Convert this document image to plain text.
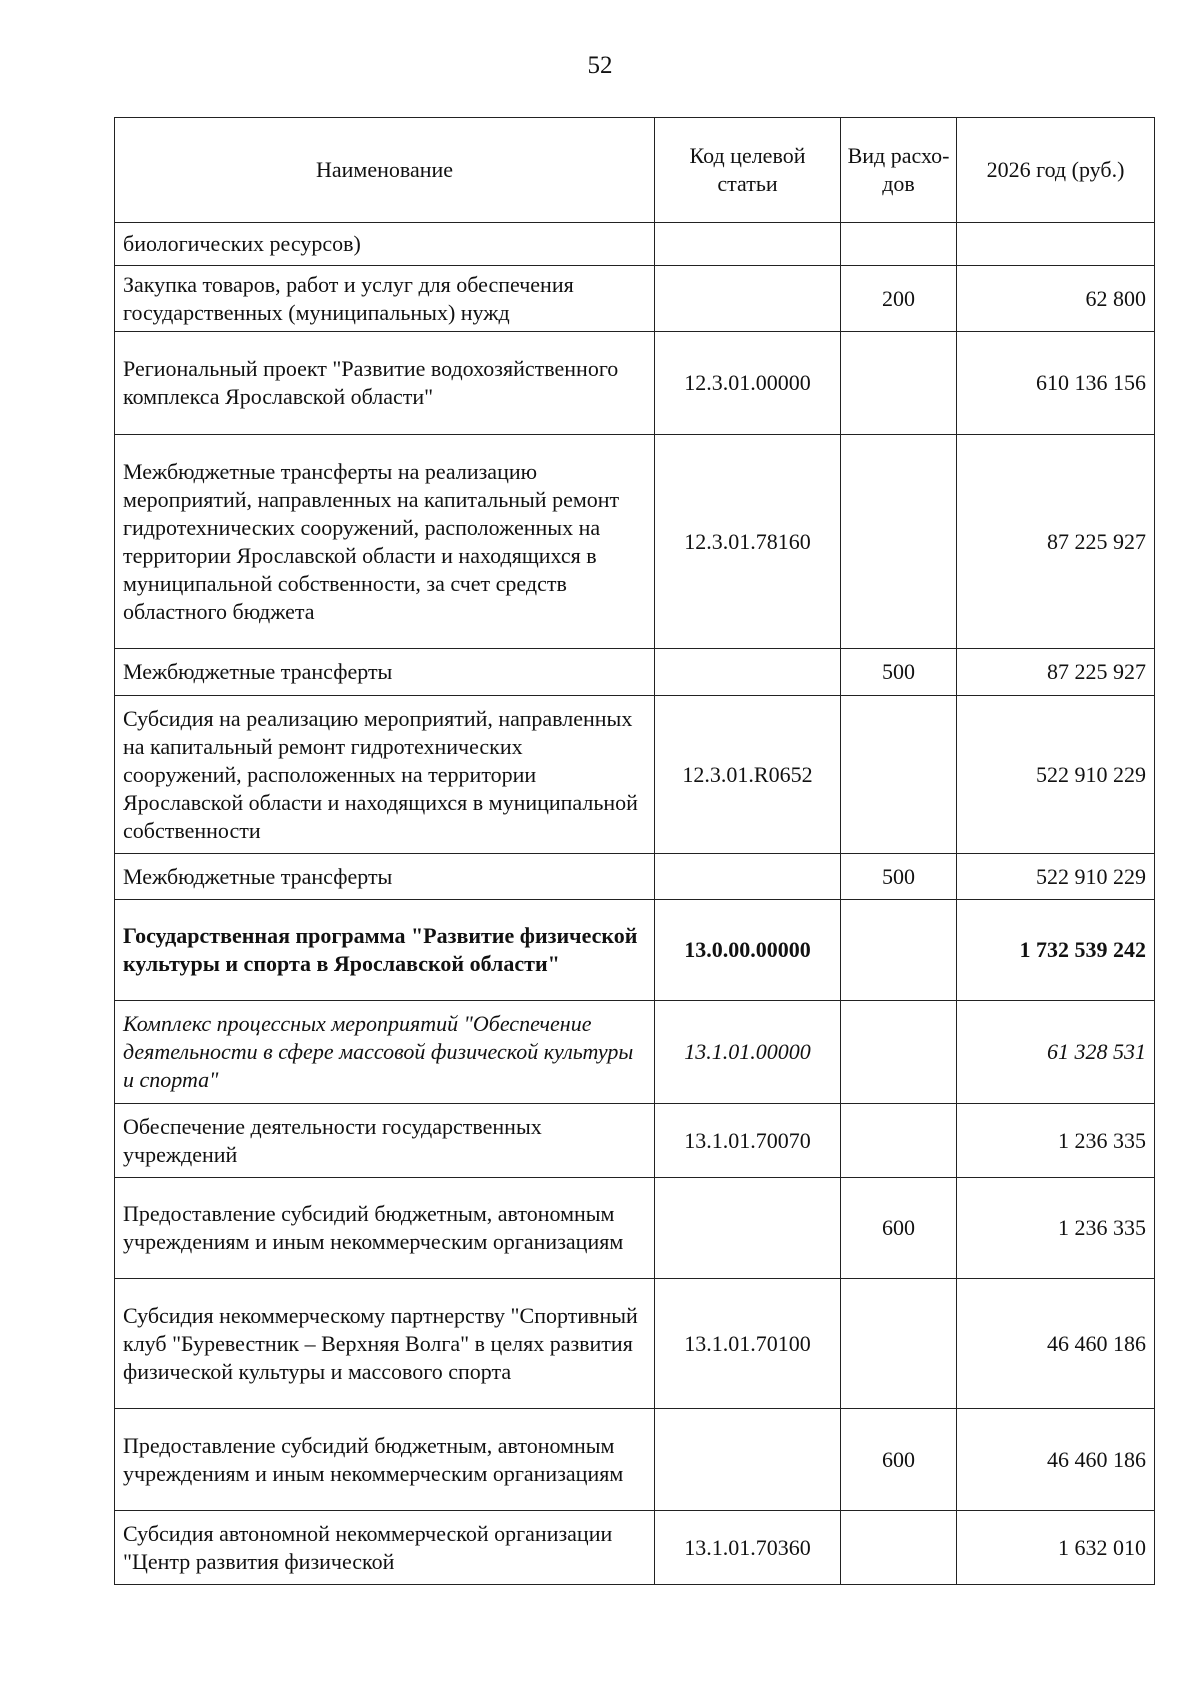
52
Наименование	Код целевой статьи	Вид расхо-дов	2026 год (руб.)
биологических ресурсов)			
Закупка товаров, работ и услуг для обеспечения государственных (муниципальных) нужд		200	62 800
Региональный проект "Развитие водохозяйственного комплекса Ярославской области"	12.3.01.00000		610 136 156
Межбюджетные трансферты на реализацию мероприятий, направленных на капитальный ремонт гидротехнических сооружений, расположенных на территории Ярославской области и находящихся в муниципальной собственности, за счет средств областного бюджета	12.3.01.78160		87 225 927
Межбюджетные трансферты		500	87 225 927
Субсидия на реализацию мероприятий, направленных на капитальный ремонт гидротехнических сооружений, расположенных на территории Ярославской области и находящихся в муниципальной собственности	12.3.01.R0652		522 910 229
Межбюджетные трансферты		500	522 910 229
Государственная программа "Развитие физической культуры и спорта в Ярославской области"	13.0.00.00000		1 732 539 242
Комплекс процессных мероприятий "Обеспечение деятельности в сфере массовой физической культуры и спорта"	13.1.01.00000		61 328 531
Обеспечение деятельности государственных учреждений	13.1.01.70070		1 236 335
Предоставление субсидий бюджетным, автономным учреждениям и иным некоммерческим организациям		600	1 236 335
Субсидия некоммерческому партнерству "Спортивный клуб "Буревестник – Верхняя Волга" в целях развития физической культуры и массового спорта	13.1.01.70100		46 460 186
Предоставление субсидий бюджетным, автономным учреждениям и иным некоммерческим организациям		600	46 460 186
Субсидия автономной некоммерческой организации "Центр развития физической	13.1.01.70360		1 632 010
